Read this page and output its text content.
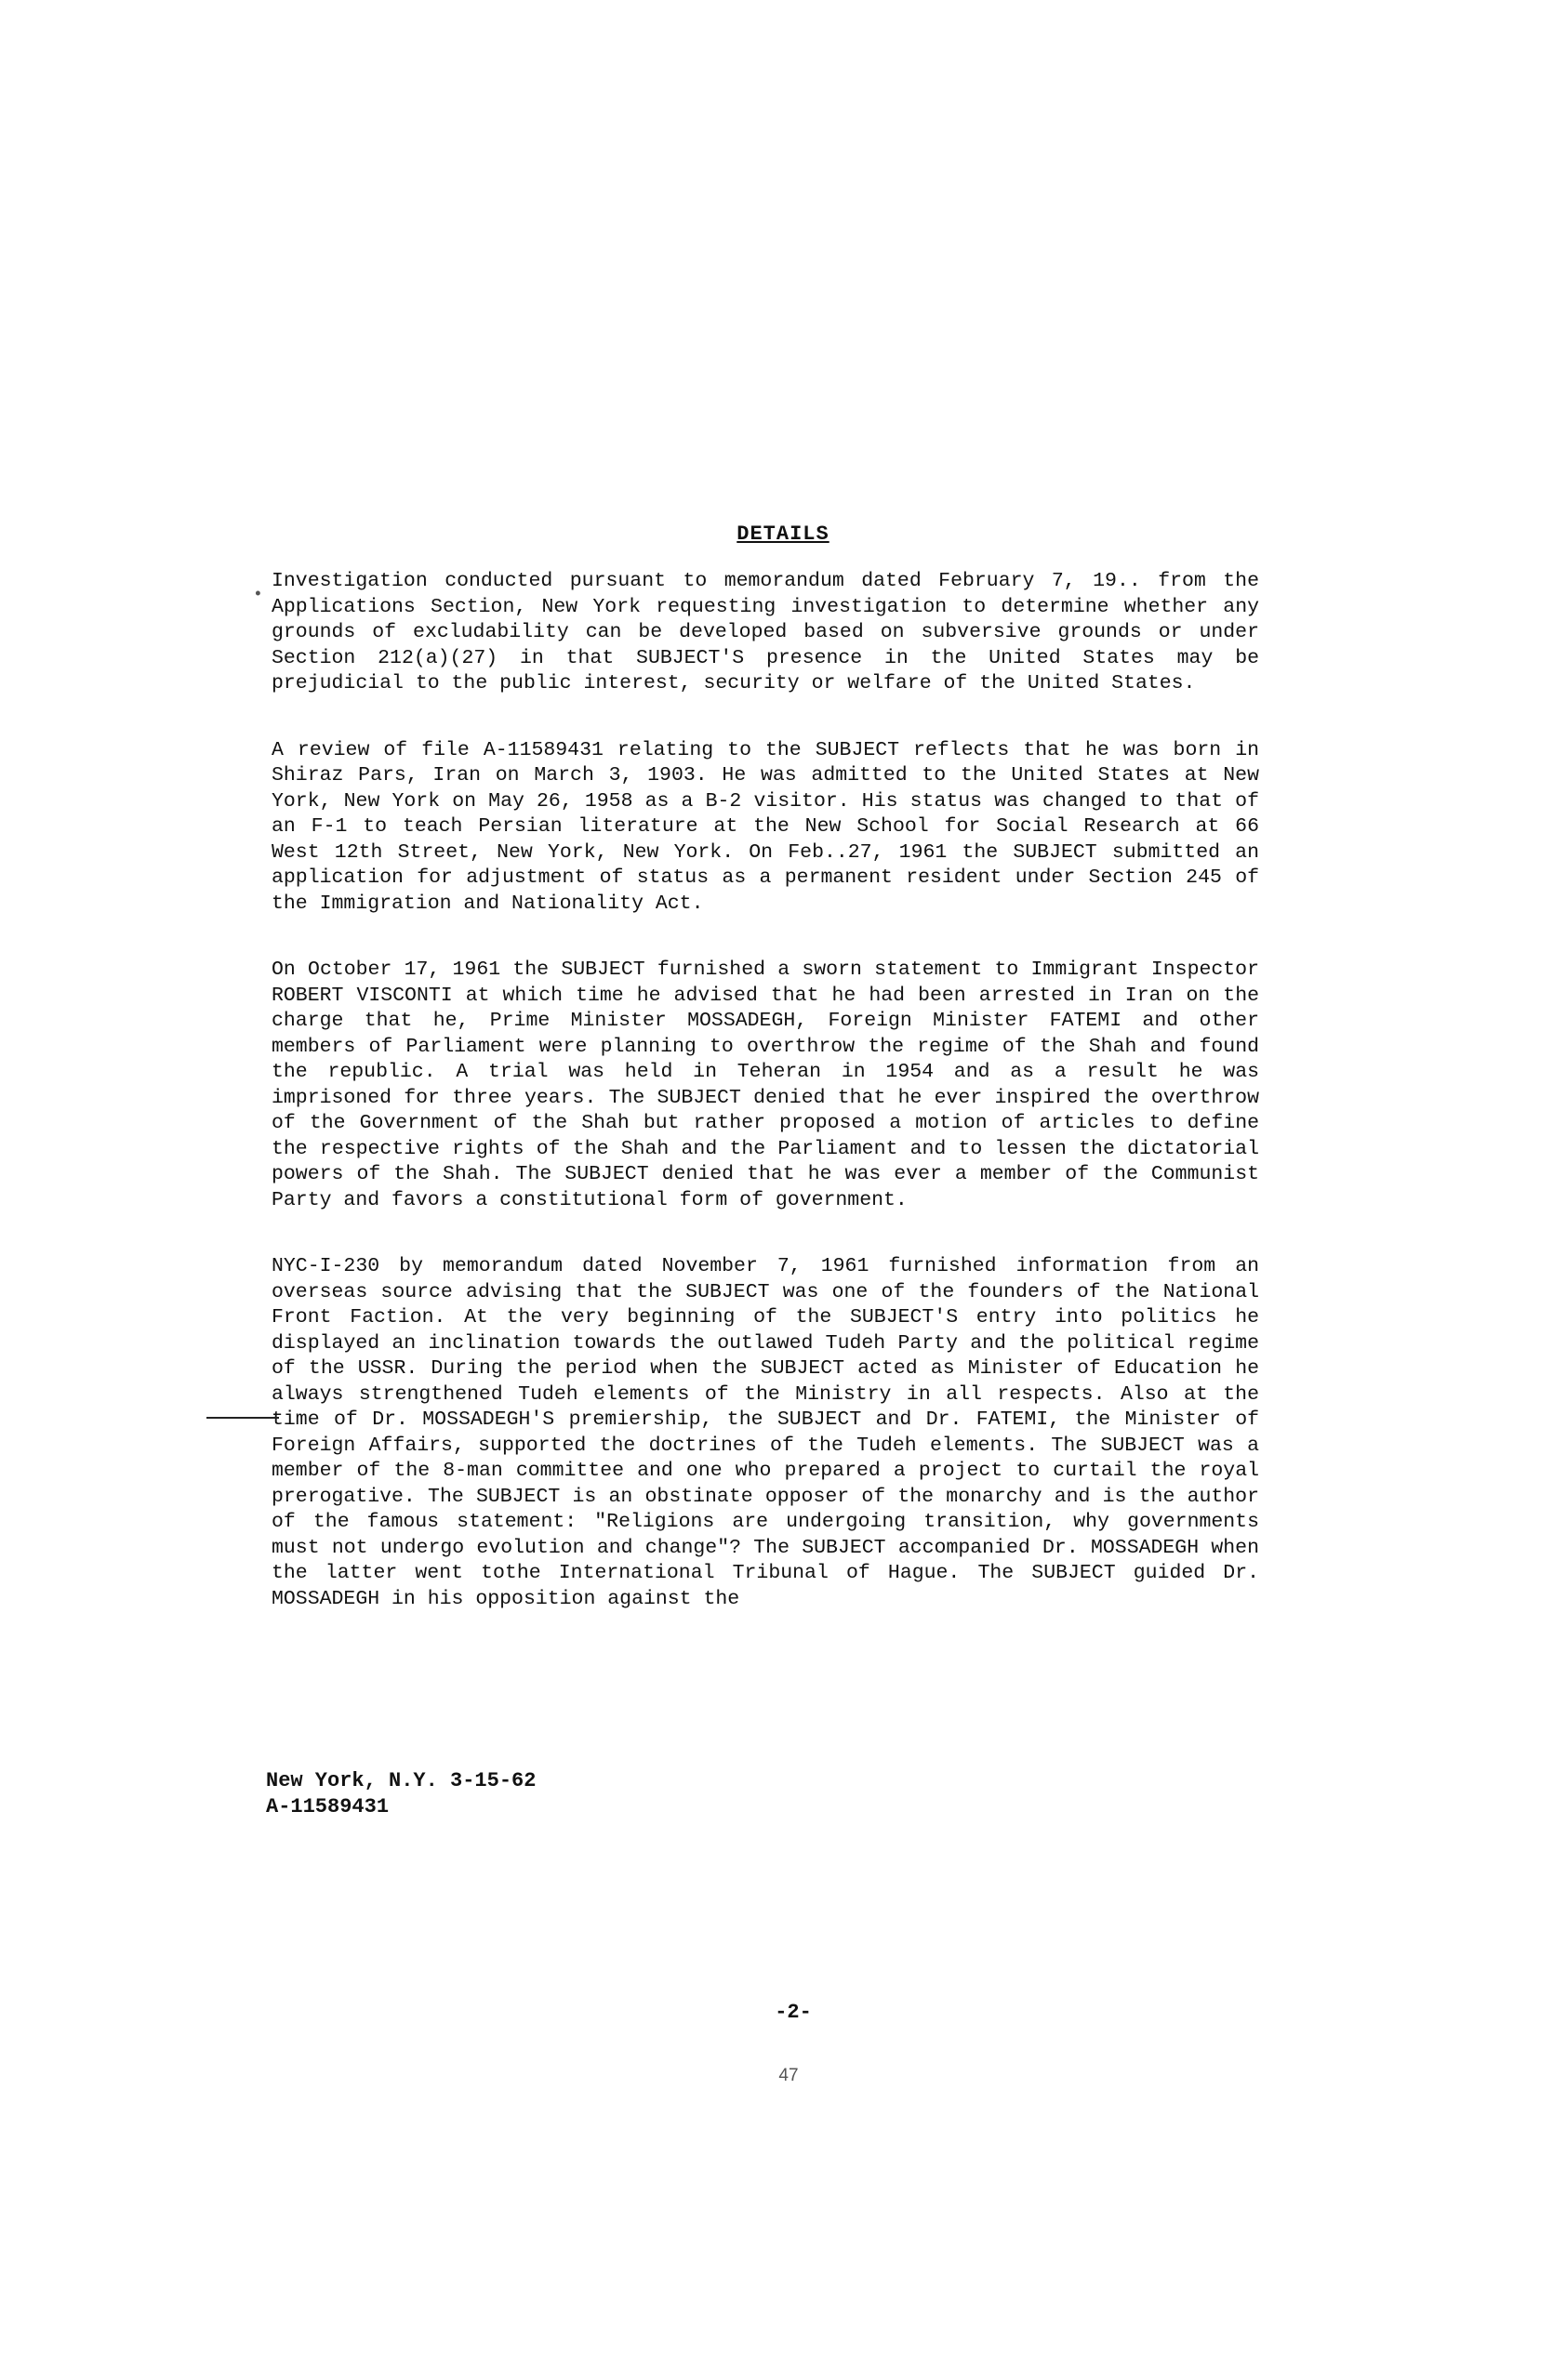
DETAILS
•

Investigation conducted pursuant to memorandum dated February 7, 19.. from the Applications Section, New York requesting investigation to determine whether any grounds of excludability can be developed based on subversive grounds or under Section 212(a)(27) in that SUBJECT'S presence in the United States may be prejudicial to the public interest, security or welfare of the United States.

A review of file A-11589431 relating to the SUBJECT reflects that he was born in Shiraz Pars, Iran on March 3, 1903. He was admitted to the United States at New York, New York on May 26, 1958 as a B-2 visitor. His status was changed to that of an F-1 to teach Persian literature at the New School for Social Research at 66 West 12th Street, New York, New York. On Feb..27, 1961 the SUBJECT submitted an application for adjustment of status as a permanent resident under Section 245 of the Immigration and Nationality Act.

On October 17, 1961 the SUBJECT furnished a sworn statement to Immigrant Inspector ROBERT VISCONTI at which time he advised that he had been arrested in Iran on the charge that he, Prime Minister MOSSADEGH, Foreign Minister FATEMI and other members of Parliament were planning to overthrow the regime of the Shah and found the republic. A trial was held in Teheran in 1954 and as a result he was imprisoned for three years. The SUBJECT denied that he ever inspired the overthrow of the Government of the Shah but rather proposed a motion of articles to define the respective rights of the Shah and the Parliament and to lessen the dictatorial powers of the Shah. The SUBJECT denied that he was ever a member of the Communist Party and favors a constitutional form of government.

NYC-I-230 by memorandum dated November 7, 1961 furnished information from an overseas source advising that the SUBJECT was one of the founders of the National Front Faction. At the very beginning of the SUBJECT'S entry into politics he displayed an inclination towards the outlawed Tudeh Party and the political regime of the USSR. During the period when the SUBJECT acted as Minister of Education he always strengthened Tudeh elements of the Ministry in all respects. Also at the time of Dr. MOSSADEGH'S premiership, the SUBJECT and Dr. FATEMI, the Minister of Foreign Affairs, supported the doctrines of the Tudeh elements. The SUBJECT was a member of the 8-man committee and one who prepared a project to curtail the royal prerogative. The SUBJECT is an obstinate opposer of the monarchy and is the author of the famous statement: "Religions are undergoing transition, why governments must not undergo evolution and change"? The SUBJECT accompanied Dr. MOSSADEGH when the latter went tothe International Tribunal of Hague. The SUBJECT guided Dr. MOSSADEGH in his opposition against the

New York, N.Y. 3-15-62
A-11589431
-2-
47
